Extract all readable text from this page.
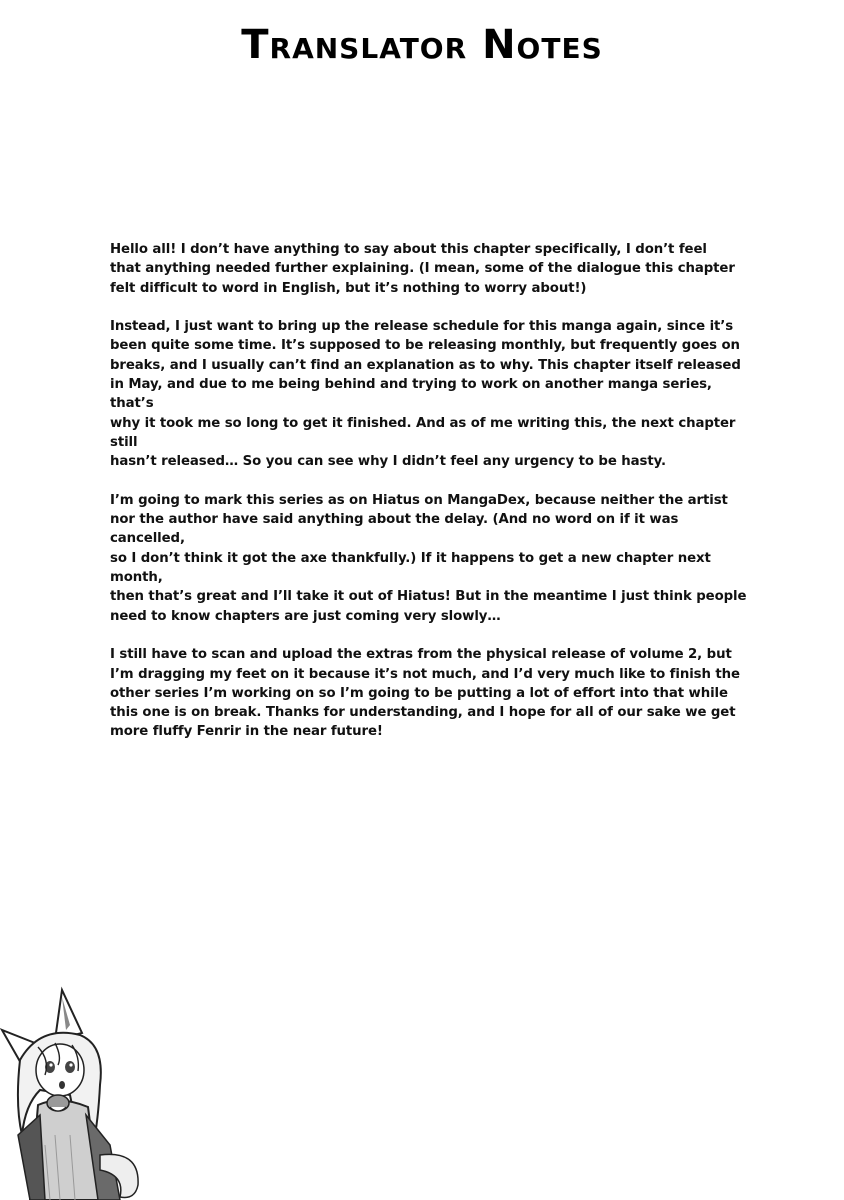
Translator Notes

Hello all! I don’t have anything to say about this chapter specifically, I don’t feel
that anything needed further explaining. (I mean, some of the dialogue this chapter
felt difficult to word in English, but it’s nothing to worry about!)

Instead, I just want to bring up the release schedule for this manga again, since it’s
been quite some time. It’s supposed to be releasing monthly, but frequently goes on
breaks, and I usually can’t find an explanation as to why. This chapter itself released
in May, and due to me being behind and trying to work on another manga series, that’s
why it took me so long to get it finished. And as of me writing this, the next chapter still
hasn’t released… So you can see why I didn’t feel any urgency to be hasty.

I’m going to mark this series as on Hiatus on MangaDex, because neither the artist
nor the author have said anything about the delay. (And no word on if it was cancelled,
so I don’t think it got the axe thankfully.) If it happens to get a new chapter next month,
then that’s great and I’ll take it out of Hiatus! But in the meantime I just think people
need to know chapters are just coming very slowly…

I still have to scan and upload the extras from the physical release of volume 2, but
I’m dragging my feet on it because it’s not much, and I’d very much like to finish the
other series I’m working on so I’m going to be putting a lot of effort into that while
this one is on break. Thanks for understanding, and I hope for all of our sake we get
more fluffy Fenrir in the near future!
